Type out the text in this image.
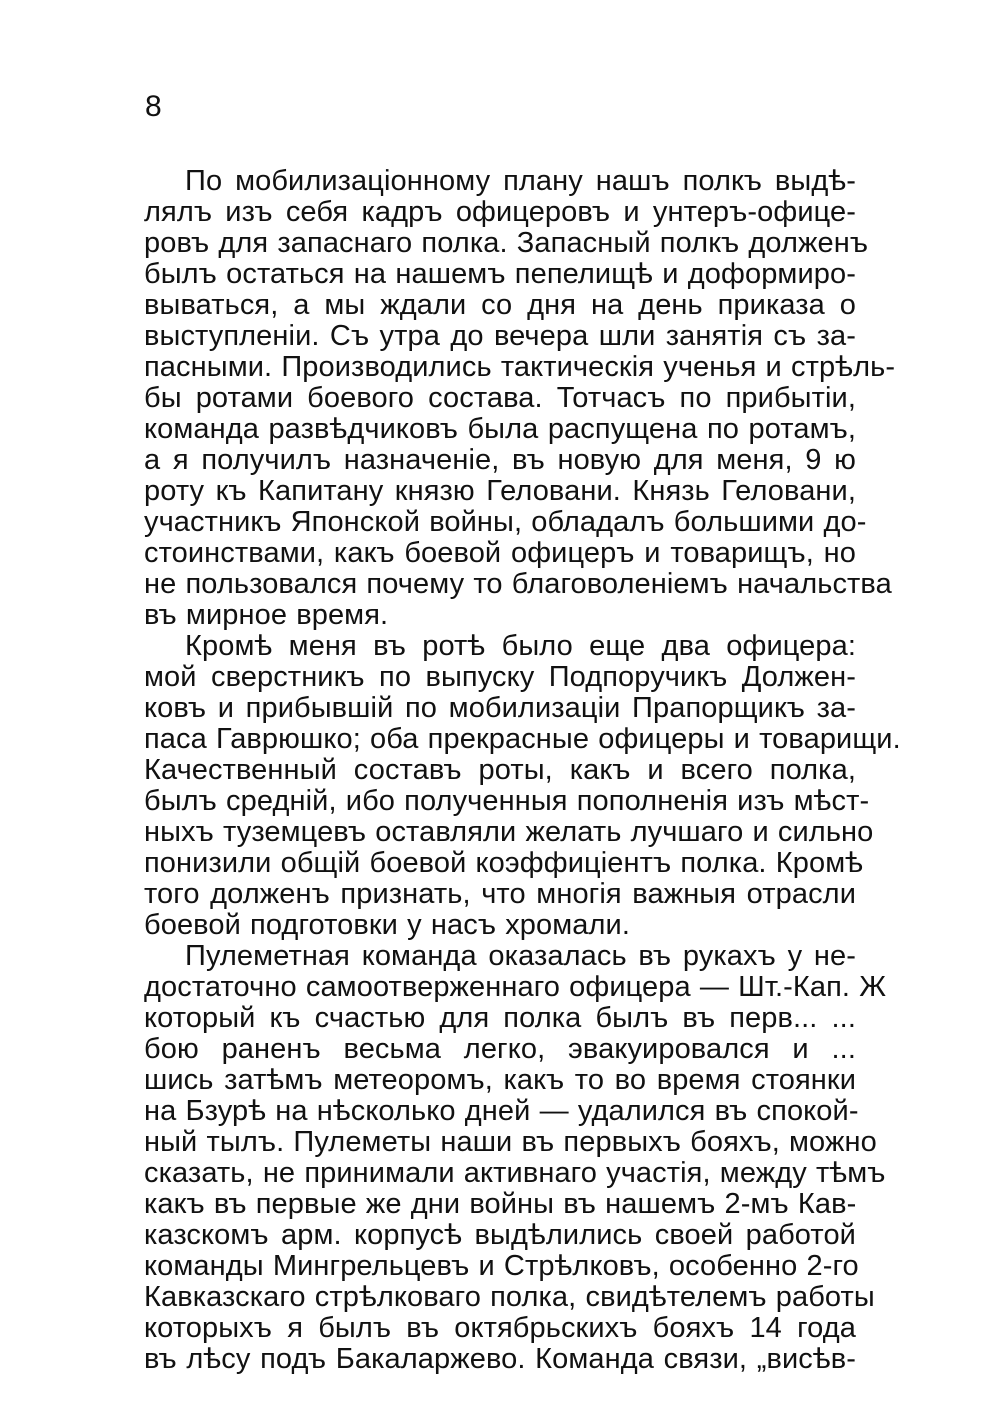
8

По мобилизаціонному плану нашъ полкъ выдѣ-

лялъ изъ себя кадръ офицеровъ и унтеръ-офице-

ровъ для запаснаго полка. Запасный полкъ долженъ

былъ остаться на нашемъ пепелищѣ и доформиро-

вываться, а мы ждали со дня на день приказа о

выступленіи. Съ утра до вечера шли занятія съ за-

пасными. Производились тактическія ученья и стрѣль-

бы ротами боевого состава. Тотчасъ по прибытіи,

команда развѣдчиковъ была распущена по ротамъ,

а я получилъ назначеніе, въ новую для меня, 9 ю

роту къ Капитану князю Геловани. Князь Геловани,

участникъ Японской войны, обладалъ большими до-

стоинствами, какъ боевой офицеръ и товарищъ, но

не пользовался почему то благоволеніемъ начальства

въ мирное время.

Кромѣ меня въ ротѣ было еще два офицера:

мой сверстникъ по выпуску Подпоручикъ Должен-

ковъ и прибывшій по мобилизаціи Прапорщикъ за-

паса Гаврюшко; оба прекрасные офицеры и товарищи.

Качественный составъ роты, какъ и всего полка,

былъ средній, ибо полученныя пополненія изъ мѣст-

ныхъ туземцевъ оставляли желать лучшаго и сильно

понизили общій боевой коэффиціентъ полка. Кромѣ

того долженъ признать, что многія важныя отрасли

боевой подготовки у насъ хромали.

Пулеметная команда оказалась въ рукахъ у не-

достаточно самоотверженнаго офицера — Шт.-Кап. Ж

который къ счастью для полка былъ въ перв... ...

бою раненъ весьма легко, эвакуировался и ...

шись затѣмъ метеоромъ, какъ то во время стоянки

на Бзурѣ на нѣсколько дней — удалился въ спокой-

ный тылъ. Пулеметы наши въ первыхъ бояхъ, можно

сказать, не принимали активнаго участія, между тѣмъ

какъ въ первые же дни войны въ нашемъ 2-мъ Кав-

казскомъ арм. корпусѣ выдѣлились своей работой

команды Мингрельцевъ и Стрѣлковъ, особенно 2-го

Кавказскаго стрѣлковаго полка, свидѣтелемъ работы

которыхъ я былъ въ октябрьскихъ бояхъ 14 года

въ лѣсу подъ Бакаларжево. Команда связи, „висѣв-
